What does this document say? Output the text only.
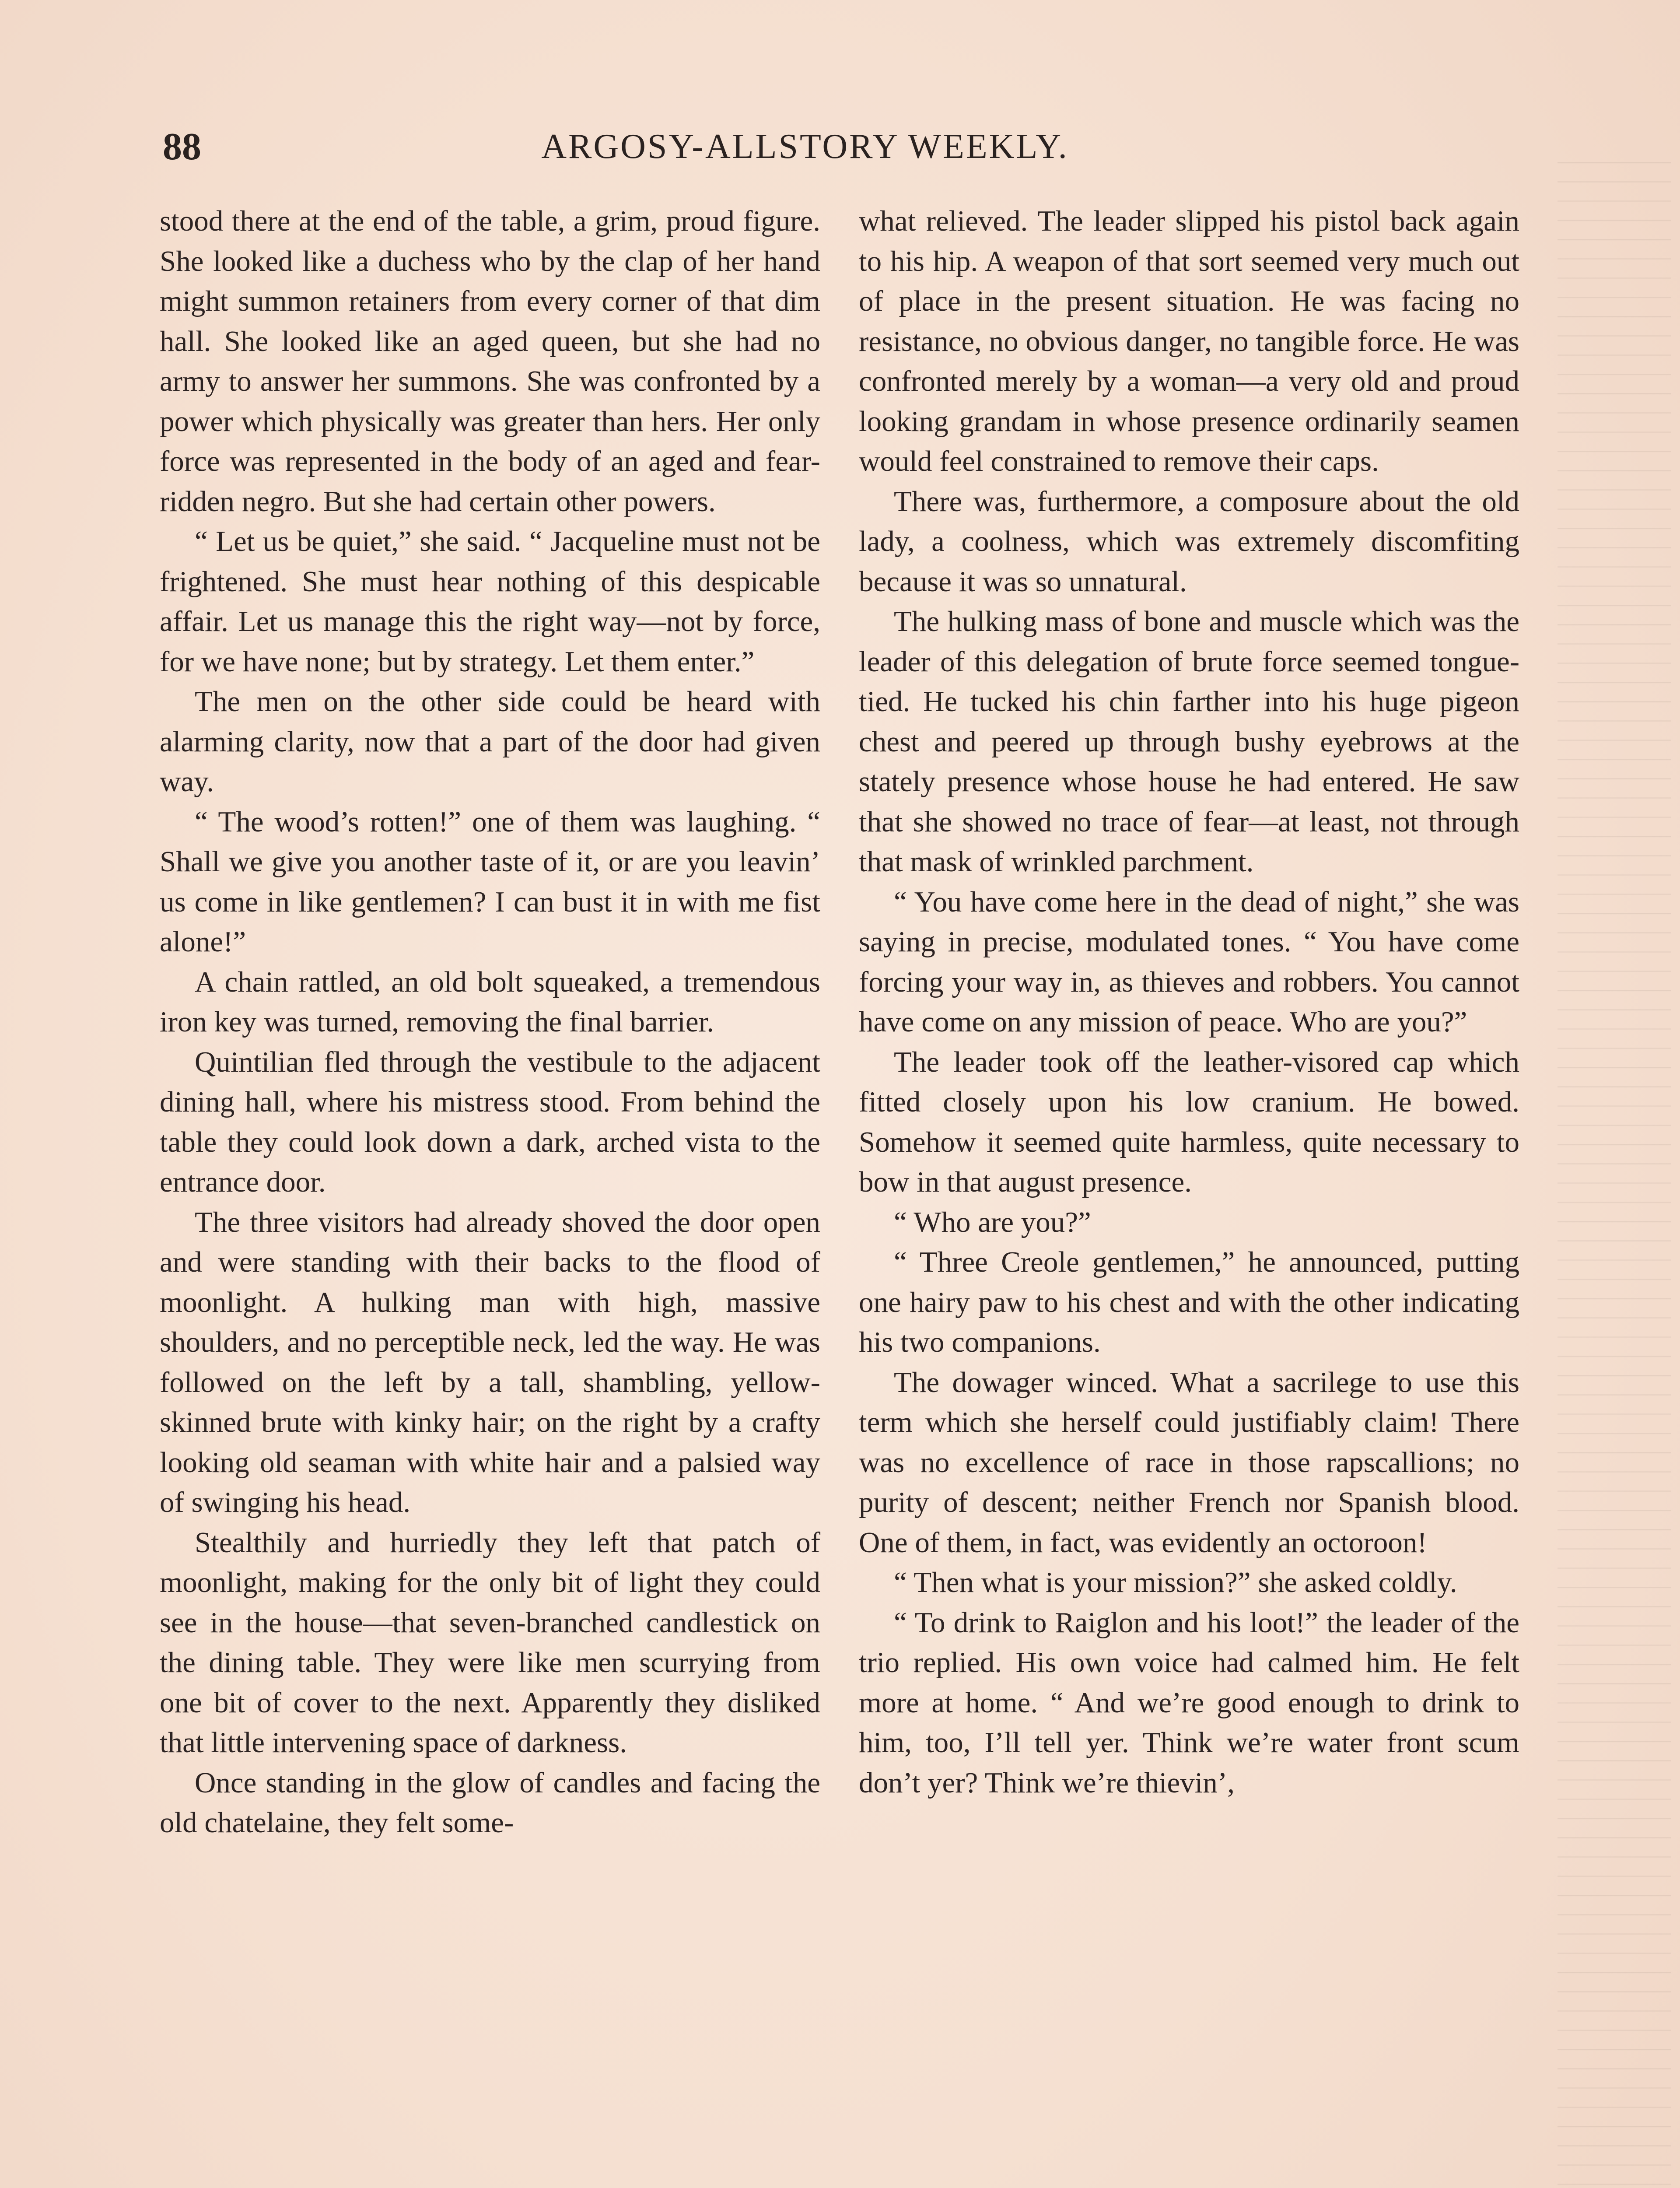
88	ARGOSY-ALLSTORY WEEKLY.

stood there at the end of the table, a grim, proud figure. She looked like a duchess who by the clap of her hand might summon retainers from every corner of that dim hall. She looked like an aged queen, but she had no army to answer her summons. She was confronted by a power which physically was greater than hers. Her only force was represented in the body of an aged and fear-ridden negro. But she had certain other powers.

“ Let us be quiet,” she said. “ Jacqueline must not be frightened. She must hear nothing of this despicable affair. Let us manage this the right way—not by force, for we have none; but by strategy. Let them enter.”

The men on the other side could be heard with alarming clarity, now that a part of the door had given way.

“ The wood’s rotten!” one of them was laughing. “ Shall we give you another taste of it, or are you leavin’ us come in like gentlemen? I can bust it in with me fist alone!”

A chain rattled, an old bolt squeaked, a tremendous iron key was turned, removing the final barrier.

Quintilian fled through the vestibule to the adjacent dining hall, where his mistress stood. From behind the table they could look down a dark, arched vista to the entrance door.

The three visitors had already shoved the door open and were standing with their backs to the flood of moonlight. A hulking man with high, massive shoulders, and no perceptible neck, led the way. He was followed on the left by a tall, shambling, yellow-skinned brute with kinky hair; on the right by a crafty looking old seaman with white hair and a palsied way of swinging his head.

Stealthily and hurriedly they left that patch of moonlight, making for the only bit of light they could see in the house—that seven-branched candlestick on the dining table. They were like men scurrying from one bit of cover to the next. Apparently they disliked that little intervening space of darkness.

Once standing in the glow of candles and facing the old chatelaine, they felt some-

what relieved. The leader slipped his pistol back again to his hip. A weapon of that sort seemed very much out of place in the present situation. He was facing no resistance, no obvious danger, no tangible force. He was confronted merely by a woman—a very old and proud looking grandam in whose presence ordinarily seamen would feel constrained to remove their caps.

There was, furthermore, a composure about the old lady, a coolness, which was extremely discomfiting because it was so unnatural.

The hulking mass of bone and muscle which was the leader of this delegation of brute force seemed tongue-tied. He tucked his chin farther into his huge pigeon chest and peered up through bushy eyebrows at the stately presence whose house he had entered. He saw that she showed no trace of fear—at least, not through that mask of wrinkled parchment.

“ You have come here in the dead of night,” she was saying in precise, modulated tones. “ You have come forcing your way in, as thieves and robbers. You cannot have come on any mission of peace. Who are you?”

The leader took off the leather-visored cap which fitted closely upon his low cranium. He bowed. Somehow it seemed quite harmless, quite necessary to bow in that august presence.

“ Who are you?”

“ Three Creole gentlemen,” he announced, putting one hairy paw to his chest and with the other indicating his two companions.

The dowager winced. What a sacrilege to use this term which she herself could justifiably claim! There was no excellence of race in those rapscallions; no purity of descent; neither French nor Spanish blood. One of them, in fact, was evidently an octoroon!

“ Then what is your mission?” she asked coldly.

“ To drink to Raiglon and his loot!” the leader of the trio replied. His own voice had calmed him. He felt more at home. “ And we’re good enough to drink to him, too, I’ll tell yer. Think we’re water front scum don’t yer? Think we’re thievin’,
